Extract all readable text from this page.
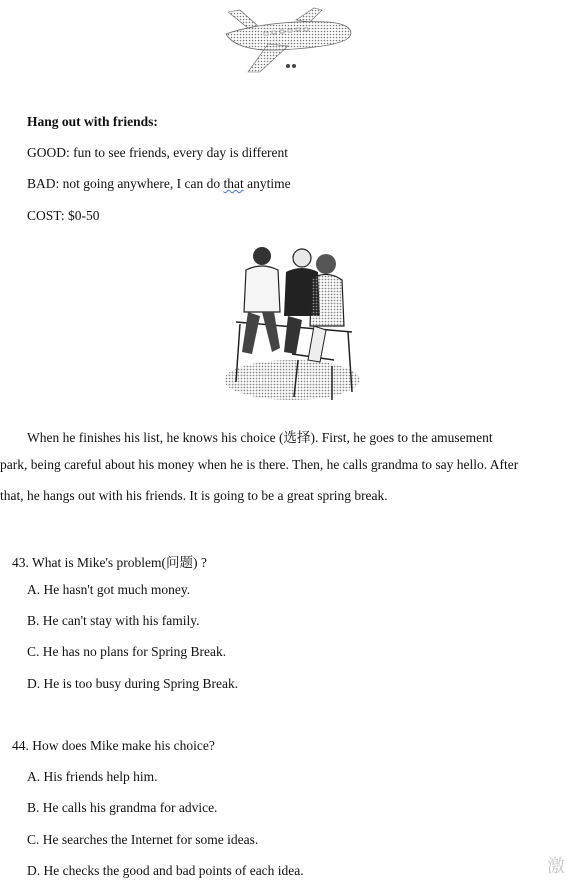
Hang out with friends:
GOOD: fun to see friends, every day is different
BAD: not going anywhere, I can do that anytime
COST: $0-50
When he finishes his list, he knows his choice (选择). First, he goes to the amusement
park, being careful about his money when he is there. Then, he calls grandma to say hello. After
that, he hangs out with his friends. It is going to be a great spring break.
43. What is Mike's problem(问题) ?
A. He hasn't got much money.
B. He can't stay with his family.
C. He has no plans for Spring Break.
D. He is too busy during Spring Break.
44. How does Mike make his choice?
A. His friends help him.
B. He calls his grandma for advice.
C. He searches the Internet for some ideas.
D. He checks the good and bad points of each idea.	激
